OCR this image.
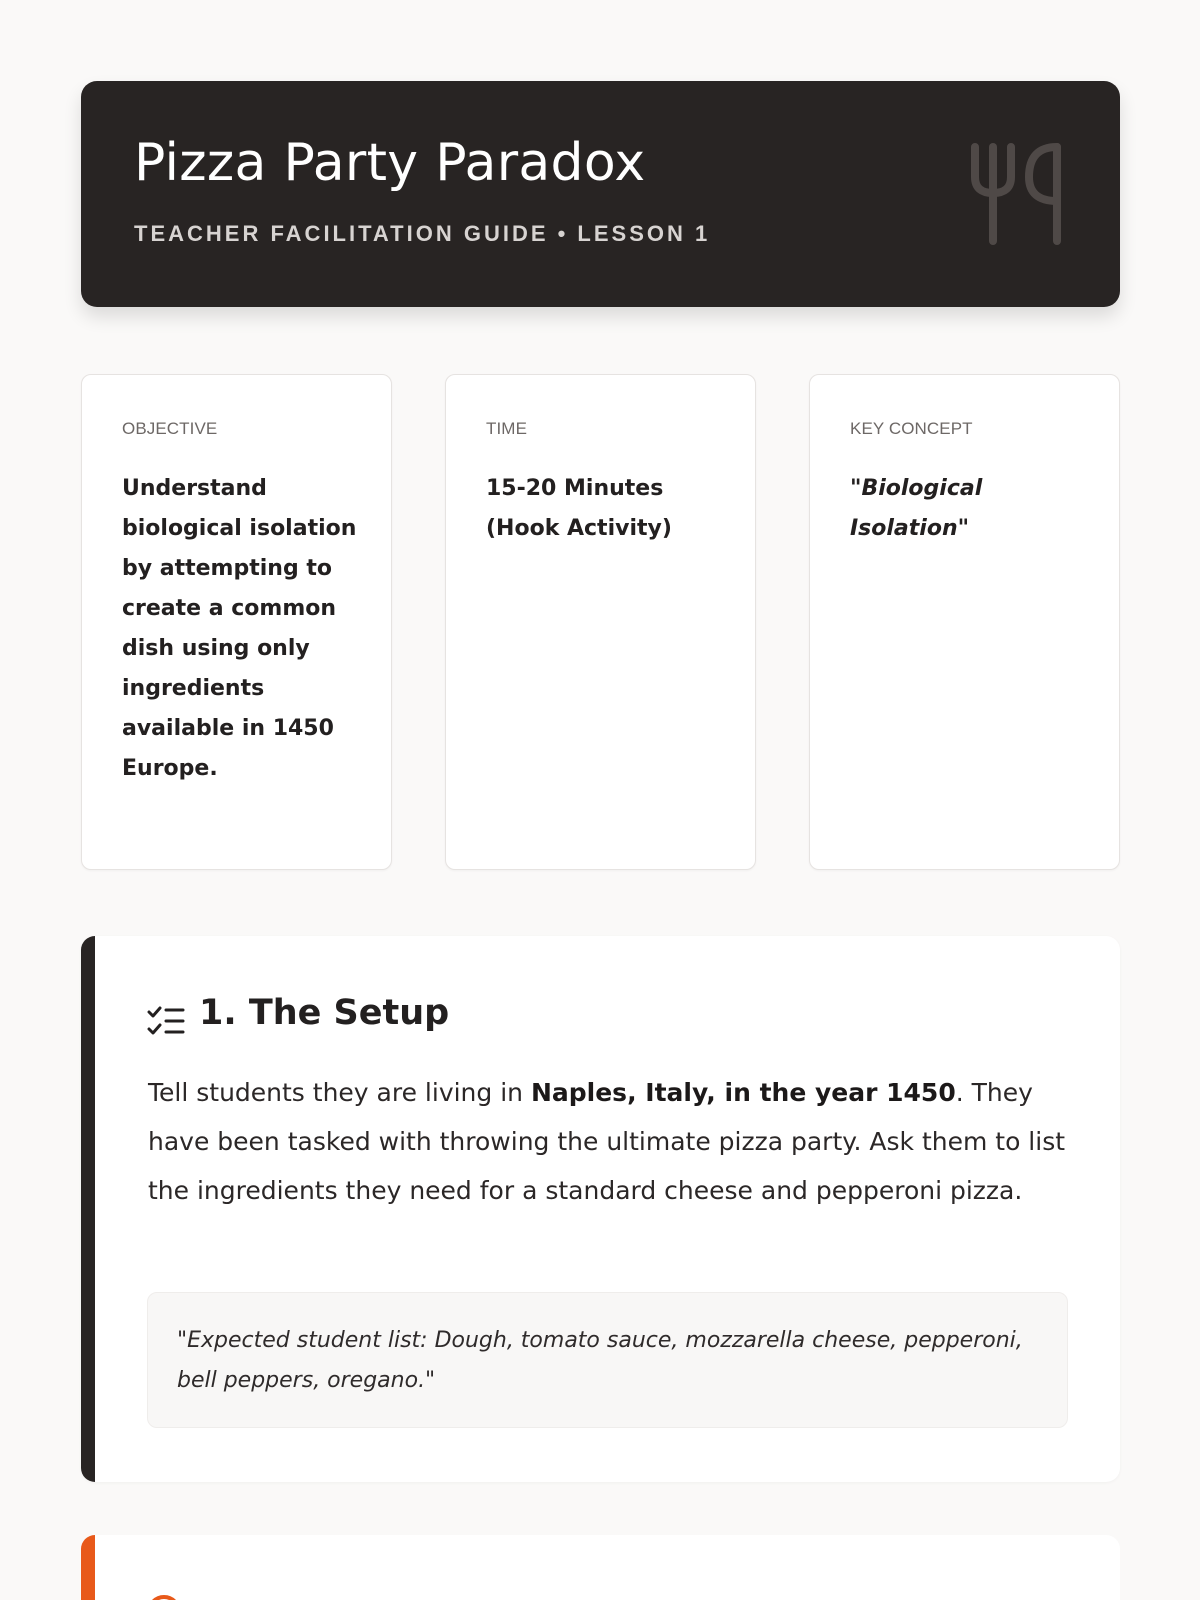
Pizza Party Paradox
TEACHER FACILITATION GUIDE • LESSON 1
OBJECTIVE
Understand biological isolation by attempting to create a common dish using only ingredients available in 1450 Europe.
TIME
15-20 Minutes (Hook Activity)
KEY CONCEPT
"Biological Isolation"
1. The Setup

Tell students they are living in Naples, Italy, in the year 1450. They have been tasked with throwing the ultimate pizza party. Ask them to list the ingredients they need for a standard cheese and pepperoni pizza.

"Expected student list: Dough, tomato sauce, mozzarella cheese, pepperoni, bell peppers, oregano."
